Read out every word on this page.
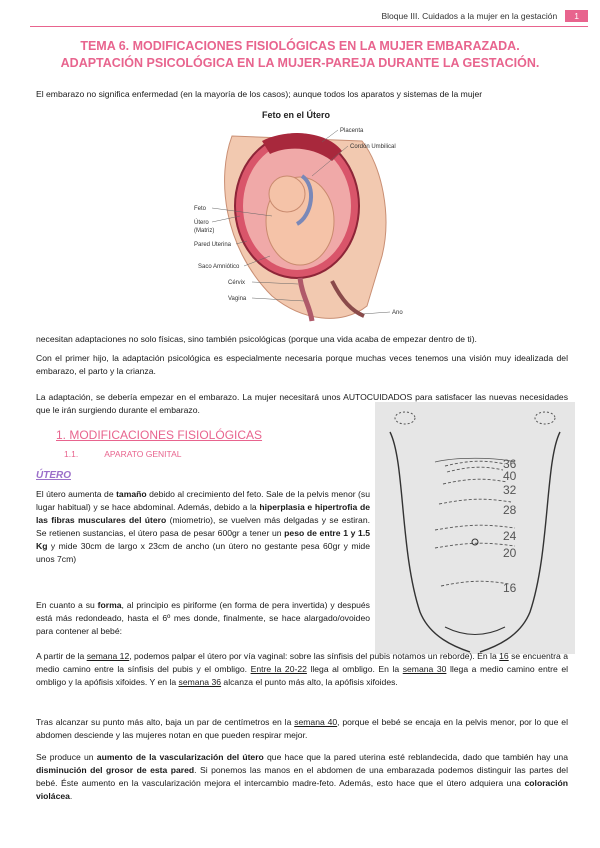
Bloque III. Cuidados a la mujer en la gestación	1
TEMA 6. MODIFICACIONES FISIOLÓGICAS EN LA MUJER EMBARAZADA.
ADAPTACIÓN PSICOLÓGICA EN LA MUJER-PAREJA DURANTE LA GESTACIÓN.
El embarazo no significa enfermedad (en la mayoría de los casos); aunque todos los aparatos y sistemas de la mujer
Feto en el Útero
Placenta
Cordón Umbilical
Feto
Útero
(Matriz)
Pared Uterina
Saco Amniótico
Cérvix
Vagina
Ano
necesitan adaptaciones no solo físicas, sino también psicológicas (porque una vida acaba de empezar dentro de ti).
Con el primer hijo, la adaptación psicológica es especialmente necesaria porque muchas veces tenemos una visión muy idealizada del embarazo, el parto y la crianza.
La adaptación, se debería empezar en el embarazo. La mujer necesitará unos AUTOCUIDADOS para satisfacer las nuevas necesidades que le irán surgiendo durante el embarazo.
36
40
32
28
24
20
16
1. MODIFICACIONES FISIOLÓGICAS
1.1.	APARATO GENITAL
ÚTERO
El útero aumenta de tamaño debido al crecimiento del feto. Sale de la pelvis menor (su lugar habitual) y se hace abdominal. Además, debido a la hiperplasia e hipertrofia de las fibras musculares del útero (miometrio), se vuelven más delgadas y se estiran. Se retienen sustancias, el útero pasa de pesar 600gr a tener un peso de entre 1 y 1.5 Kg y mide 30cm de largo x 23cm de ancho (un útero no gestante pesa 60gr y mide unos 7cm)
En cuanto a su forma, al principio es piriforme (en forma de pera invertida) y después está más redondeado, hasta el 6º mes donde, finalmente, se hace alargado/ovoideo para contener al bebé:
A partir de la semana 12, podemos palpar el útero por vía vaginal: sobre las sínfisis del pubis notamos un reborde). En la 16 se encuentra a medio camino entre la sínfisis del pubis y el ombligo. Entre la 20-22 llega al ombligo. En la semana 30 llega a medio camino entre el ombligo y la apófisis xifoides. Y en la semana 36 alcanza el punto más alto, la apófisis xifoides.
Tras alcanzar su punto más alto, baja un par de centímetros en la semana 40, porque el bebé se encaja en la pelvis menor, por lo que el abdomen desciende y las mujeres notan en que pueden respirar mejor.
Se produce un aumento de la vascularización del útero que hace que la pared uterina esté reblandecida, dado que también hay una disminución del grosor de esta pared. Si ponemos las manos en el abdomen de una embarazada podemos distinguir las partes del bebé. Éste aumento en la vascularización mejora el intercambio madre-feto. Además, esto hace que el útero adquiera una coloración violácea.
